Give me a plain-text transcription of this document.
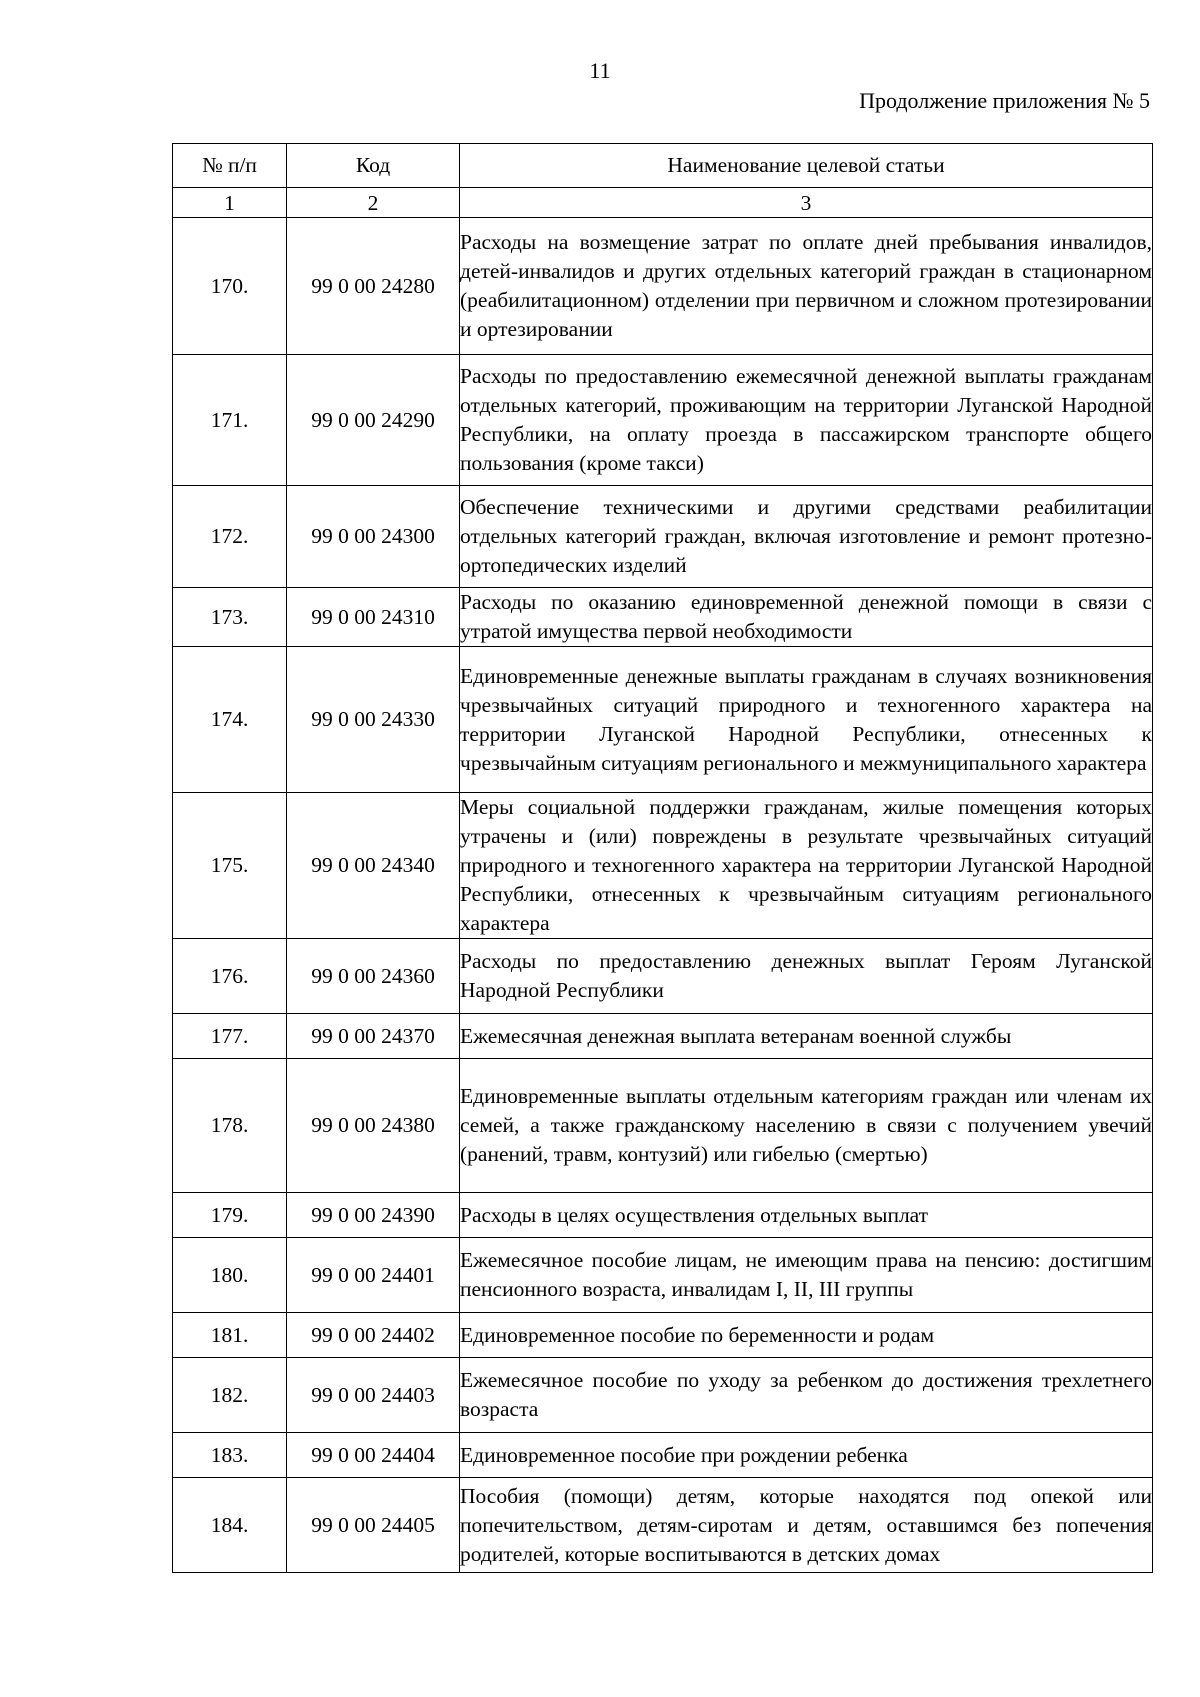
11
Продолжение приложения № 5
№ п/п	Код	Наименование целевой статьи
1	2	3
170.	99 0 00 24280	Расходы на возмещение затрат по оплате дней пребывания инвалидов, детей-инвалидов и других отдельных категорий граждан в стационарном (реабилитационном) отделении при первичном и сложном протезировании и ортезировании
171.	99 0 00 24290	Расходы по предоставлению ежемесячной денежной выплаты гражданам отдельных категорий, проживающим на территории Луганской Народной Республики, на оплату проезда в пассажирском транспорте общего пользования (кроме такси)
172.	99 0 00 24300	Обеспечение техническими и другими средствами реабилитации отдельных категорий граждан, включая изготовление и ремонт протезно-ортопедических изделий
173.	99 0 00 24310	Расходы по оказанию единовременной денежной помощи в связи с утратой имущества первой необходимости
174.	99 0 00 24330	Единовременные денежные выплаты гражданам в случаях возникновения чрезвычайных ситуаций природного и техногенного характера на территории Луганской Народной Республики, отнесенных к чрезвычайным ситуациям регионального и межмуниципального характера
175.	99 0 00 24340	Меры социальной поддержки гражданам, жилые помещения которых утрачены и (или) повреждены в результате чрезвычайных ситуаций природного и техногенного характера на территории Луганской Народной Республики, отнесенных к чрезвычайным ситуациям регионального характера
176.	99 0 00 24360	Расходы по предоставлению денежных выплат Героям Луганской Народной Республики
177.	99 0 00 24370	Ежемесячная денежная выплата ветеранам военной службы
178.	99 0 00 24380	Единовременные выплаты отдельным категориям граждан или членам их семей, а также гражданскому населению в связи с получением увечий (ранений, травм, контузий) или гибелью (смертью)
179.	99 0 00 24390	Расходы в целях осуществления отдельных выплат
180.	99 0 00 24401	Ежемесячное пособие лицам, не имеющим права на пенсию: достигшим пенсионного возраста, инвалидам I, II, III группы
181.	99 0 00 24402	Единовременное пособие по беременности и родам
182.	99 0 00 24403	Ежемесячное пособие по уходу за ребенком до достижения трехлетнего возраста
183.	99 0 00 24404	Единовременное пособие при рождении ребенка
184.	99 0 00 24405	Пособия (помощи) детям, которые находятся под опекой или попечительством, детям-сиротам и детям, оставшимся без попечения родителей, которые воспитываются в детских домах
